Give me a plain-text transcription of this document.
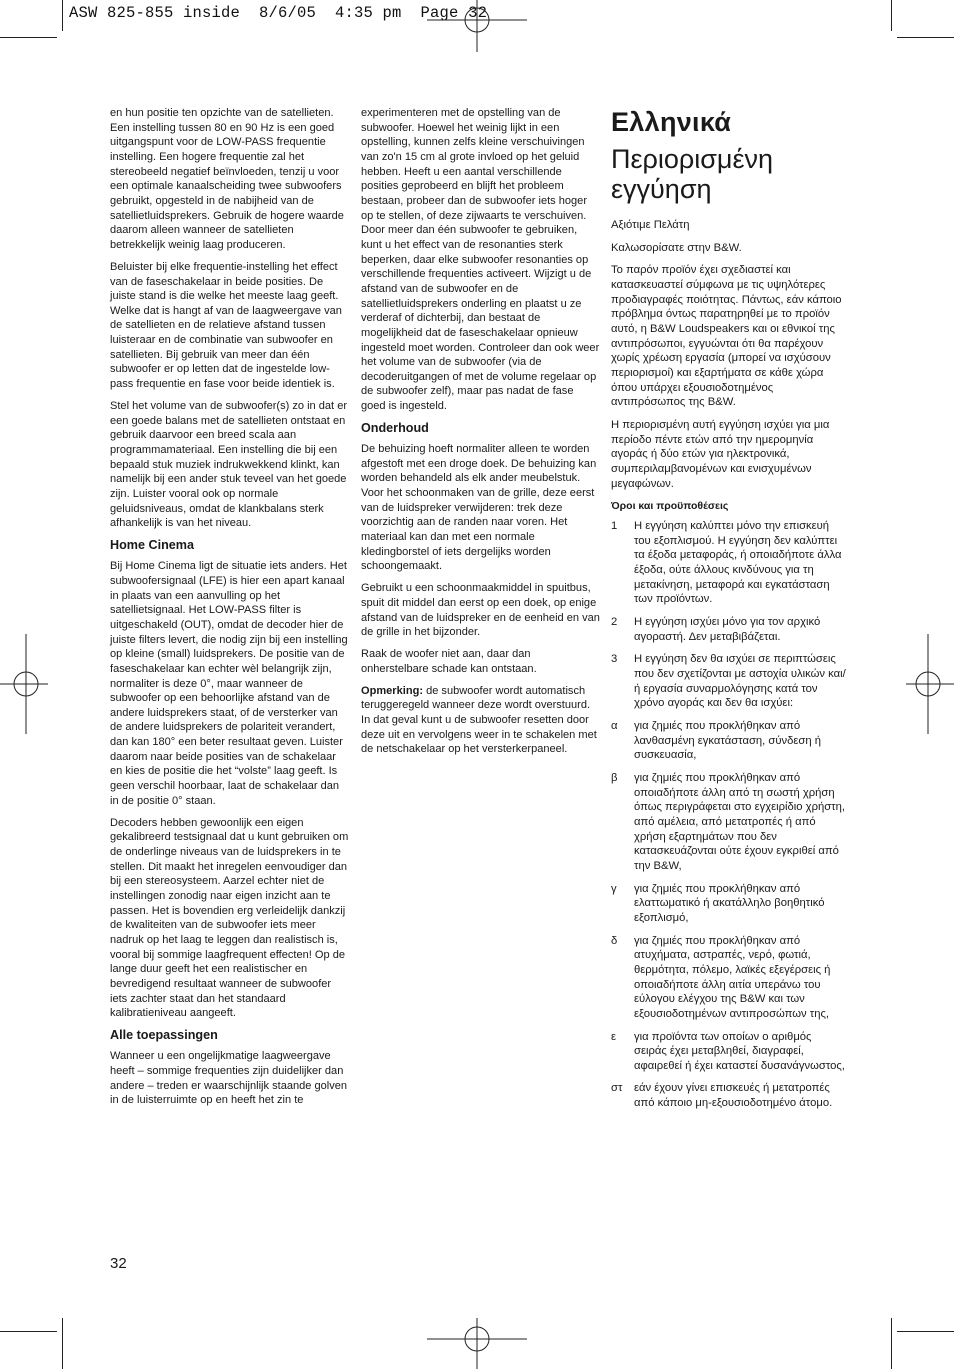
ASW 825-855 inside  8/6/05  4:35 pm  Page 32

en hun positie ten opzichte van de satellieten. Een instelling tussen 80 en 90 Hz is een goed uitgangspunt voor de LOW-PASS frequentie instelling. Een hogere frequentie zal het stereobeeld negatief beïnvloeden, tenzij u voor een optimale kanaalscheiding twee subwoofers gebruikt, opgesteld in de nabijheid van de satellietluidsprekers. Gebruik de hogere waarde daarom alleen wanneer de satellieten betrekkelijk weinig laag produceren.

Beluister bij elke frequentie-instelling het effect van de faseschakelaar in beide posities. De juiste stand is die welke het meeste laag geeft. Welke dat is hangt af van de laagweergave van de satellieten en de relatieve afstand tussen luisteraar en de combinatie van subwoofer en satellieten. Bij gebruik van meer dan één subwoofer er op letten dat de ingestelde low-pass frequentie en fase voor beide identiek is.

Stel het volume van de subwoofer(s) zo in dat er een goede balans met de satellieten ontstaat en gebruik daarvoor een breed scala aan programmamateriaal. Een instelling die bij een bepaald stuk muziek indrukwekkend klinkt, kan namelijk bij een ander stuk teveel van het goede zijn. Luister vooral ook op normale geluidsniveaus, omdat de klankbalans sterk afhankelijk is van het niveau.

Home Cinema

Bij Home Cinema ligt de situatie iets anders. Het subwoofersignaal (LFE) is hier een apart kanaal in plaats van een aanvulling op het satellietsignaal. Het LOW-PASS filter is uitgeschakeld (OUT), omdat de decoder hier de juiste filters levert, die nodig zijn bij een instelling op kleine (small) luidsprekers. De positie van de faseschakelaar kan echter wèl belangrijk zijn, normaliter is deze 0°, maar wanneer de subwoofer op een behoorlijke afstand van de andere luidsprekers staat, of de versterker van de andere luidsprekers de polariteit verandert, dan kan 180° een beter resultaat geven. Luister daarom naar beide posities van de schakelaar en kies de positie die het “volste” laag geeft. Is geen verschil hoorbaar, laat de schakelaar dan in de positie 0° staan.

Decoders hebben gewoonlijk een eigen gekalibreerd testsignaal dat u kunt gebruiken om de onderlinge niveaus van de luidsprekers in te stellen. Dit maakt het inregelen eenvoudiger dan bij een stereosysteem. Aarzel echter niet de instellingen zonodig naar eigen inzicht aan te passen. Het is bovendien erg verleidelijk dankzij de kwaliteiten van de subwoofer iets meer nadruk op het laag te leggen dan realistisch is, vooral bij sommige laagfrequent effecten! Op de lange duur geeft het een realistischer en bevredigend resultaat wanneer de subwoofer iets zachter staat dan het standaard kalibratieniveau aangeeft.

Alle toepassingen

Wanneer u een ongelijkmatige laagweergave heeft – sommige frequenties zijn duidelijker dan andere – treden er waarschijnlijk staande golven in de luisterruimte op en heeft het zin te

experimenteren met de opstelling van de subwoofer. Hoewel het weinig lijkt in een opstelling, kunnen zelfs kleine verschuivingen van zo'n 15 cm al grote invloed op het geluid hebben. Heeft u een aantal verschillende posities geprobeerd en blijft het probleem bestaan, probeer dan de subwoofer iets hoger op te stellen, of deze zijwaarts te verschuiven. Door meer dan één subwoofer te gebruiken, kunt u het effect van de resonanties sterk beperken, daar elke subwoofer resonanties op verschillende frequenties activeert. Wijzigt u de afstand van de subwoofer en de satellietluidsprekers onderling en plaatst u ze verderaf of dichterbij, dan bestaat de mogelijkheid dat de faseschakelaar opnieuw ingesteld moet worden. Controleer dan ook weer het volume van de subwoofer (via de decoderuitgangen of met de volume regelaar op de subwoofer zelf), maar pas nadat de fase goed is ingesteld.

Onderhoud

De behuizing hoeft normaliter alleen te worden afgestoft met een droge doek. De behuizing kan worden behandeld als elk ander meubelstuk. Voor het schoonmaken van de grille, deze eerst van de luidspreker verwijderen: trek deze voorzichtig aan de randen naar voren. Het materiaal kan dan met een normale kledingborstel of iets dergelijks worden schoongemaakt.

Gebruikt u een schoonmaakmiddel in spuitbus, spuit dit middel dan eerst op een doek, op enige afstand van de luidspreker en de eenheid en van de grille in het bijzonder.

Raak de woofer niet aan, daar dan onherstelbare schade kan ontstaan.

Opmerking: de subwoofer wordt automatisch teruggeregeld wanneer deze wordt overstuurd. In dat geval kunt u de subwoofer resetten door deze uit en vervolgens weer in te schakelen met de netschakelaar op het versterkerpaneel.

Ελληνικά
Περιορισμένη εγγύηση

Αξιότιμε Πελάτη

Καλωσορίσατε στην B&W.

Το παρόν προϊόν έχει σχεδιαστεί και κατασκευαστεί σύμφωνα με τις υψηλότερες προδιαγραφές ποιότητας. Πάντως, εάν κάποιο πρόβλημα όντως παρατηρηθεί με το προϊόν αυτό, η B&W Loudspeakers και οι εθνικοί της αντιπρόσωποι, εγγυώνται ότι θα παρέχουν χωρίς χρέωση εργασία (μπορεί να ισχύσουν περιορισμοί) και εξαρτήματα σε κάθε χώρα όπου υπάρχει εξουσιοδοτημένος αντιπρόσωπος της B&W.

Η περιορισμένη αυτή εγγύηση ισχύει για μια περίοδο πέντε ετών από την ημερομηνία αγοράς ή δύο ετών για ηλεκτρονικά, συμπεριλαμβανομένων και ενισχυμένων μεγαφώνων.

Όροι και προϋποθέσεις
1	Η εγγύηση καλύπτει μόνο την επισκευή του εξοπλισμού. Η εγγύηση δεν καλύπτει τα έξοδα μεταφοράς, ή οποιαδήποτε άλλα έξοδα, ούτε άλλους κινδύνους για τη μετακίνηση, μεταφορά και εγκατάσταση των προϊόντων.
2	Η εγγύηση ισχύει μόνο για τον αρχικό αγοραστή. Δεν μεταβιβάζεται.
3	Η εγγύηση δεν θα ισχύει σε περιπτώσεις που δεν σχετίζονται με αστοχία υλικών και/ή εργασία συναρμολόγησης κατά τον χρόνο αγοράς και δεν θα ισχύει:
α	για ζημιές που προκλήθηκαν από λανθασμένη εγκατάσταση, σύνδεση ή συσκευασία,
β	για ζημιές που προκλήθηκαν από οποιαδήποτε άλλη από τη σωστή χρήση όπως περιγράφεται στο εγχειρίδιο χρήστη, από αμέλεια, από μετατροπές ή από χρήση εξαρτημάτων που δεν κατασκευάζονται ούτε έχουν εγκριθεί από την B&W,
γ	για ζημιές που προκλήθηκαν από ελαττωματικό ή ακατάλληλο βοηθητικό εξοπλισμό,
δ	για ζημιές που προκλήθηκαν από ατυχήματα, αστραπές, νερό, φωτιά, θερμότητα, πόλεμο, λαϊκές εξεγέρσεις ή οποιαδήποτε άλλη αιτία υπεράνω του εύλογου ελέγχου της B&W και των εξουσιοδοτημένων αντιπροσώπων της,
ε	για προϊόντα των οποίων ο αριθμός σειράς έχει μεταβληθεί, διαγραφεί, αφαιρεθεί ή έχει καταστεί δυσανάγνωστος,
στ	εάν έχουν γίνει επισκευές ή μετατροπές από κάποιο μη-εξουσιοδοτημένο άτομο.
32
